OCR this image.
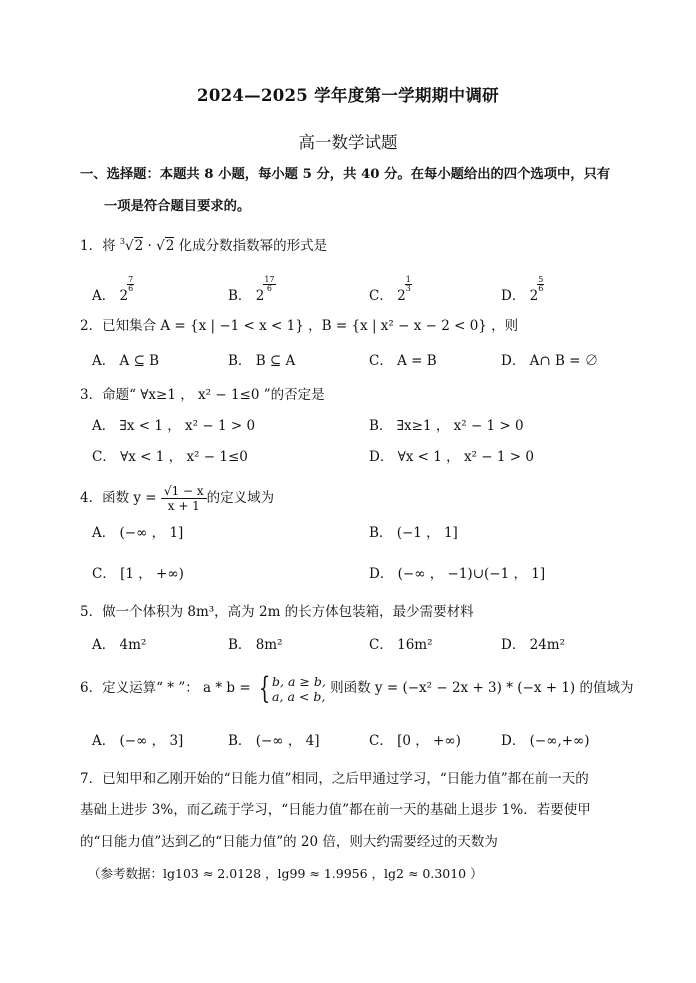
2024—2025 学年度第一学期期中调研
高一数学试题
一、选择题：本题共 8 小题，每小题 5 分，共 40 分。在每小题给出的四个选项中，只有
一项是符合题目要求的。
1．将 $^3$√2 · √2 化成分数指数幂的形式是
A． 2
$\frac{7}{6}$
B． 2
$\frac{17}{6}$
C． 2
$\frac{1}{3}$
D． 2
$\frac{5}{6}$
2．已知集合 A = {x | −1 < x < 1} ，B = {x | x² − x − 2 < 0} ，则
A． A ⊆ B	B． B ⊆ A	C． A = B	D． A∩ B = ∅
3．命题“ ∀x≥1 ， x² − 1≤0 ”的否定是
A． ∃x < 1 ， x² − 1 > 0	B． ∃x≥1 ， x² − 1 > 0
C． ∀x < 1 ， x² − 1≤0	D． ∀x < 1 ， x² − 1 > 0
4．函数 $y = \frac{√1 - x}{x + 1}$ 的定义域为
A． (−∞ ， 1]	B． (−1 ， 1]
C． [1 ， +∞)	D． (−∞ ， −1)∪(−1 ， 1]
5．做一个体积为 8m³，高为 2m 的长方体包装箱，最少需要材料
A． 4m²	B． 8m²	C． 16m²	D． 24m²
6．定义运算“ * ”： a * b = { b, a ≥ b,
a, a < b, 则函数 y = (−x² − 2x + 3) * (−x + 1) 的值域为
A． (−∞ ， 3]	B． (−∞ ， 4]	C． [0 ， +∞)	D． (−∞,+∞)
7．已知甲和乙刚开始的“日能力值”相同，之后甲通过学习，“日能力值”都在前一天的
基础上进步 3%，而乙疏于学习，“日能力值”都在前一天的基础上退步 1%．若要使甲
的“日能力值”达到乙的“日能力值”的 20 倍，则大约需要经过的天数为
（参考数据：lg103 ≈ 2.0128 ，lg99 ≈ 1.9956 ，lg2 ≈ 0.3010 ）
